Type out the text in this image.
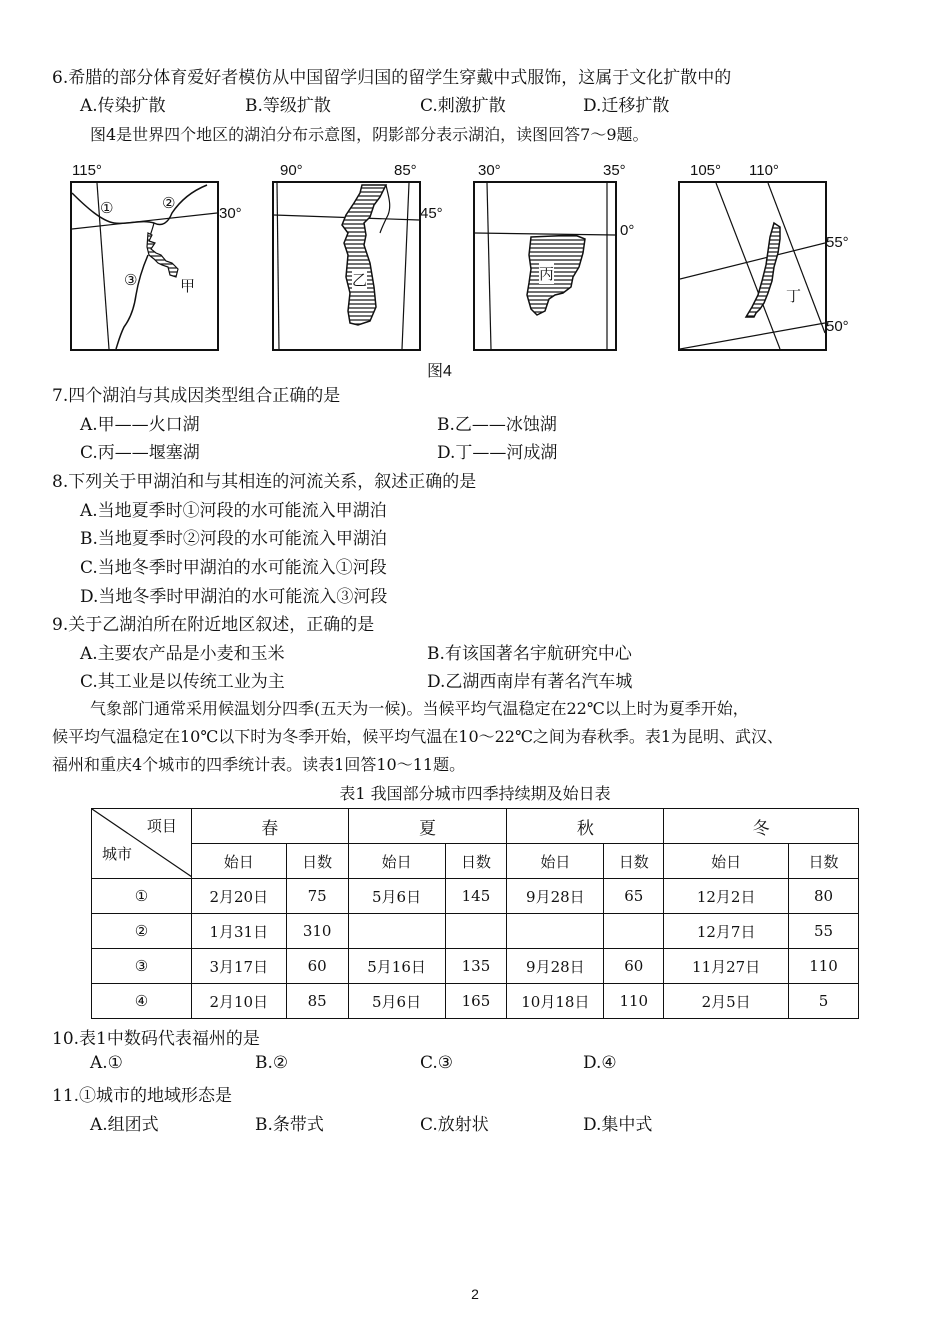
6.希腊的部分体育爱好者模仿从中国留学归国的留学生穿戴中式服饰，这属于文化扩散中的
A.传染扩散	B.等级扩散	C.刺激扩散	D.迁移扩散
图4是世界四个地区的湖泊分布示意图，阴影部分表示湖泊，读图回答7～9题。
①	②
③	甲
115°
30°
乙
90°	85°
45°
丙
30°	35°
0°
丁
105° 110°
55°
50°
图4
7.四个湖泊与其成因类型组合正确的是
A.甲——火口湖	B.乙——冰蚀湖
C.丙——堰塞湖	D.丁——河成湖
8.下列关于甲湖泊和与其相连的河流关系，叙述正确的是
A.当地夏季时①河段的水可能流入甲湖泊
B.当地夏季时②河段的水可能流入甲湖泊
C.当地冬季时甲湖泊的水可能流入①河段
D.当地冬季时甲湖泊的水可能流入③河段
9.关于乙湖泊所在附近地区叙述，正确的是
A.主要农产品是小麦和玉米	B.有该国著名宇航研究中心
C.其工业是以传统工业为主	D.乙湖西南岸有著名汽车城
气象部门通常采用候温划分四季(五天为一候)。当候平均气温稳定在22℃以上时为夏季开始，
候平均气温稳定在10℃以下时为冬季开始，候平均气温在10～22℃之间为春秋季。表1为昆明、武汉、
福州和重庆4个城市的四季统计表。读表1回答10～11题。
表1 我国部分城市四季持续期及始日表
项目
城市	春		夏		秋		冬	
	始日	日数	始日	日数	始日	日数	始日	日数
①	2月20日	75	5月6日	145	9月28日	65	12月2日	80
②	1月31日	310					12月7日	55
③	3月17日	60	5月16日	135	9月28日	60	11月27日	110
④	2月10日	85	5月6日	165	10月18日	110	2月5日	5
10.表1中数码代表福州的是
A.①	B.②	C.③	D.④
11.①城市的地域形态是
A.组团式	B.条带式	C.放射状	D.集中式
2
